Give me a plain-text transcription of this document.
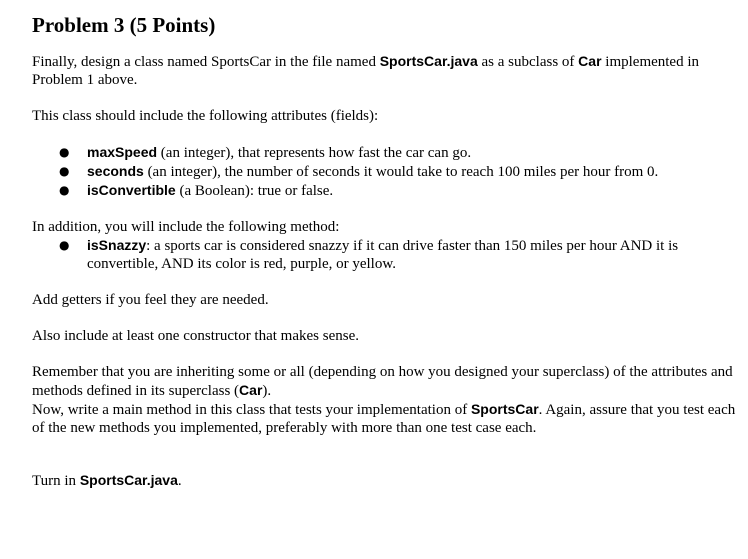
Problem 3 (5 Points)

Finally, design a class named SportsCar in the file named SportsCar.java as a subclass of Car implemented in Problem 1 above.

This class should include the following attributes (fields):

● maxSpeed (an integer), that represents how fast the car can go.
● seconds (an integer), the number of seconds it would take to reach 100 miles per hour from 0.
● isConvertible (a Boolean): true or false.

In addition, you will include the following method:

● isSnazzy: a sports car is considered snazzy if it can drive faster than 150 miles per hour AND it is convertible, AND its color is red, purple, or yellow.

Add getters if you feel they are needed.

Also include at least one constructor that makes sense.

Remember that you are inheriting some or all (depending on how you designed your superclass) of the attributes and methods defined in its superclass (Car).

Now, write a main method in this class that tests your implementation of SportsCar. Again, assure that you test each of the new methods you implemented, preferably with more than one test case each.

Turn in SportsCar.java.
